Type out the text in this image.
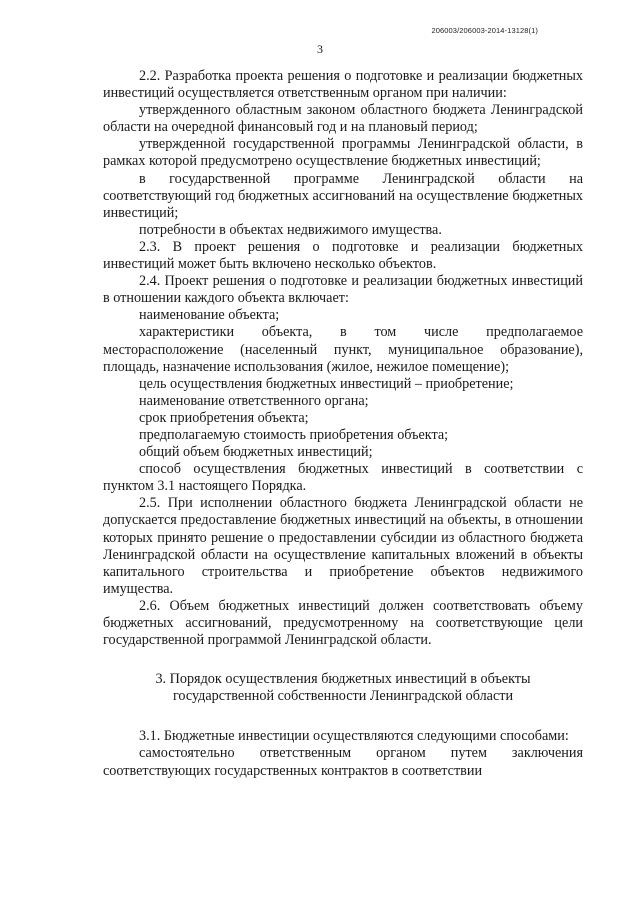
206003/206003-2014-13128(1)
3

2.2. Разработка проекта решения о подготовке и реализации бюджетных инвестиций осуществляется ответственным органом при наличии:

утвержденного областным законом областного бюджета Ленинградской области на очередной финансовый год и на плановый период;

утвержденной государственной программы Ленинградской области, в рамках которой предусмотрено осуществление бюджетных инвестиций;

в государственной программе Ленинградской области на соответствующий год бюджетных ассигнований на осуществление бюджетных инвестиций;

потребности в объектах недвижимого имущества.

2.3. В проект решения о подготовке и реализации бюджетных инвестиций может быть включено несколько объектов.

2.4. Проект решения о подготовке и реализации бюджетных инвестиций в отношении каждого объекта включает:

наименование объекта;

характеристики объекта, в том числе предполагаемое месторасположение (населенный пункт, муниципальное образование), площадь, назначение использования (жилое, нежилое помещение);

цель осуществления бюджетных инвестиций – приобретение;

наименование ответственного органа;

срок приобретения объекта;

предполагаемую стоимость приобретения объекта;

общий объем бюджетных инвестиций;

способ осуществления бюджетных инвестиций в соответствии с пунктом 3.1 настоящего Порядка.

2.5. При исполнении областного бюджета Ленинградской области не допускается предоставление бюджетных инвестиций на объекты, в отношении которых принято решение о предоставлении субсидии из областного бюджета Ленинградской области на осуществление капитальных вложений в объекты капитального строительства и приобретение объектов недвижимого имущества.

2.6. Объем бюджетных инвестиций должен соответствовать объему бюджетных ассигнований, предусмотренному на соответствующие цели государственной программой Ленинградской области.

3. Порядок осуществления бюджетных инвестиций в объекты государственной собственности Ленинградской области

3.1. Бюджетные инвестиции осуществляются следующими способами:

самостоятельно ответственным органом путем заключения соответствующих государственных контрактов в соответствии
